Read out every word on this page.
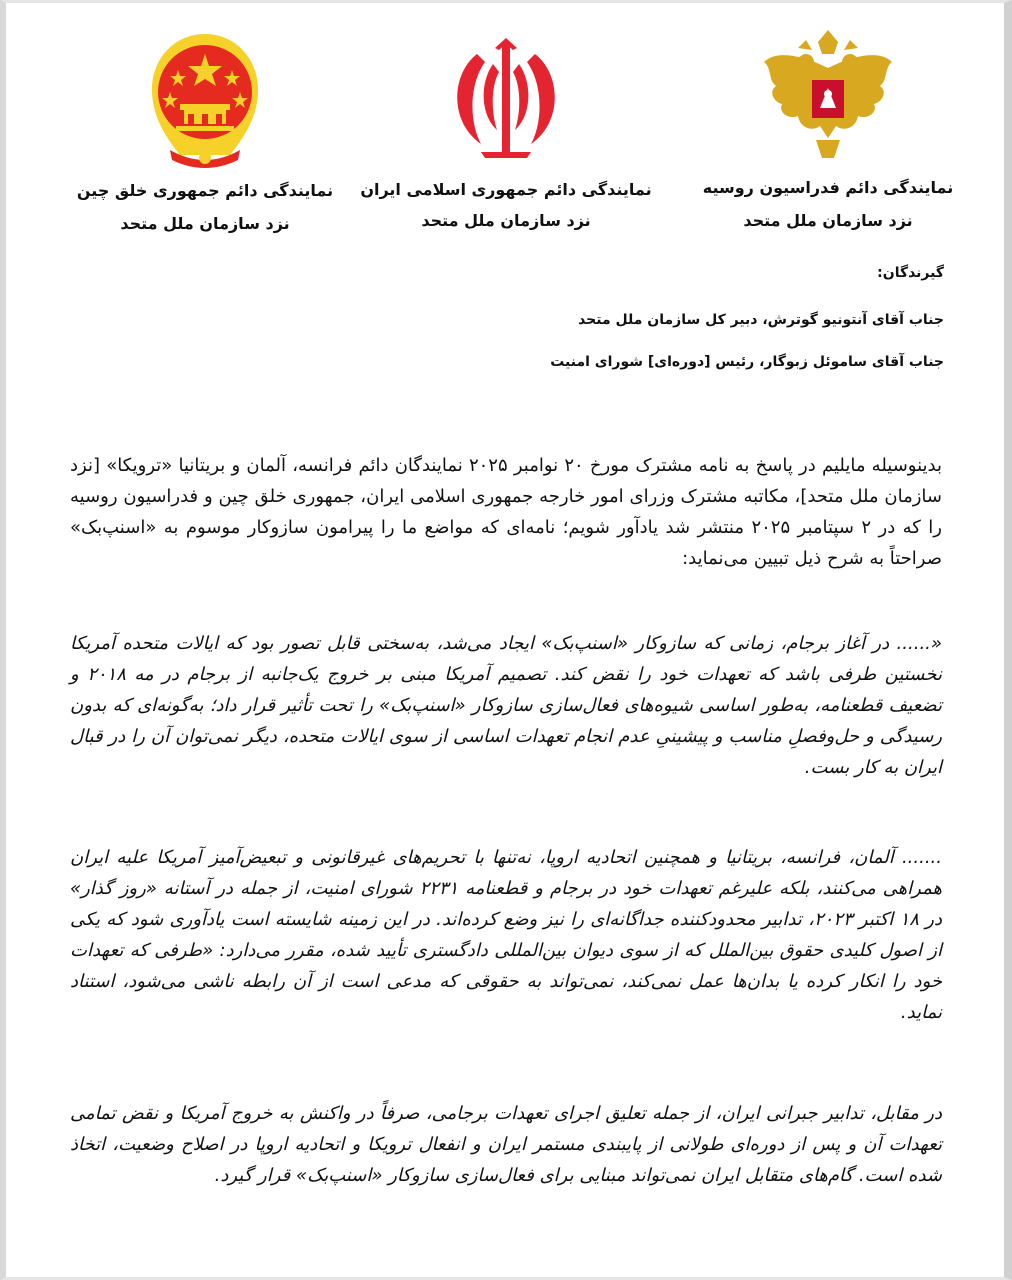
نمایندگی دائم جمهوری خلق چین
نزد سازمان ملل متحد
نمایندگی دائم جمهوری اسلامی ایران
نزد سازمان ملل متحد
نمایندگی دائم فدراسیون روسیه
نزد سازمان ملل متحد
گیرندگان:
جناب آقای آنتونیو گوترش، دبیر کل سازمان ملل متحد
جناب آقای ساموئل زبوگار، رئیس [دوره‌ای] شورای امنیت
بدینوسیله مایلیم در پاسخ به نامه مشترک مورخ ۲۰ نوامبر ۲۰۲۵ نمایندگان دائم فرانسه، آلمان و بریتانیا «ترویکا» [نزد سازمان ملل متحد]، مکاتبه مشترک وزرای امور خارجه جمهوری اسلامی ایران، جمهوری خلق چین و فدراسیون روسیه را که در ۲ سپتامبر ۲۰۲۵ منتشر شد یادآور شویم؛ نامه‌ای که مواضع ما را پیرامون سازوکار موسوم به «اسنپ‌بک» صراحتاً به شرح ذیل تبیین می‌نماید:
«...... در آغاز برجام، زمانی که سازوکار «اسنپ‌بک» ایجاد می‌شد، به‌سختی قابل تصور بود که ایالات متحده آمریکا نخستین طرفی باشد که تعهدات خود را نقض کند. تصمیم آمریکا مبنی بر خروج یک‌جانبه از برجام در مه ۲۰۱۸ و تضعیف قطعنامه، به‌طور اساسی شیوه‌های فعال‌سازی سازوکار «اسنپ‌بک» را تحت تأثیر قرار داد؛ به‌گونه‌ای که بدون رسیدگی و حل‌وفصلِ مناسب و پیشینیِ عدم انجام تعهدات اساسی از سوی ایالات متحده، دیگر نمی‌توان آن را در قبال ایران به کار بست.
....... آلمان، فرانسه، بریتانیا و همچنین اتحادیه اروپا، نه‌تنها با تحریم‌های غیرقانونی و تبعیض‌آمیز آمریکا علیه ایران همراهی می‌کنند، بلکه علیرغم تعهدات خود در برجام و قطعنامه ۲۲۳۱ شورای امنیت، از جمله در آستانه «روز گذار» در ۱۸ اکتبر ۲۰۲۳، تدابیر محدودکننده جداگانه‌ای را نیز وضع کرده‌اند. در این زمینه شایسته است یادآوری شود که یکی از اصول کلیدی حقوق بین‌الملل که از سوی دیوان بین‌المللی دادگستری تأیید شده، مقرر می‌دارد: «طرفی که تعهدات خود را انکار کرده یا بدان‌ها عمل نمی‌کند، نمی‌تواند به حقوقی که مدعی است از آن رابطه ناشی می‌شود، استناد نماید.
در مقابل، تدابیر جبرانی ایران، از جمله تعلیق اجرای تعهدات برجامی، صرفاً در واکنش به خروج آمریکا و نقض تمامی تعهدات آن و پس از دوره‌ای طولانی از پایبندی مستمر ایران و انفعال ترویکا و اتحادیه اروپا در اصلاح وضعیت، اتخاذ شده است. گام‌های متقابل ایران نمی‌تواند مبنایی برای فعال‌سازی سازوکار «اسنپ‌بک» قرار گیرد.
